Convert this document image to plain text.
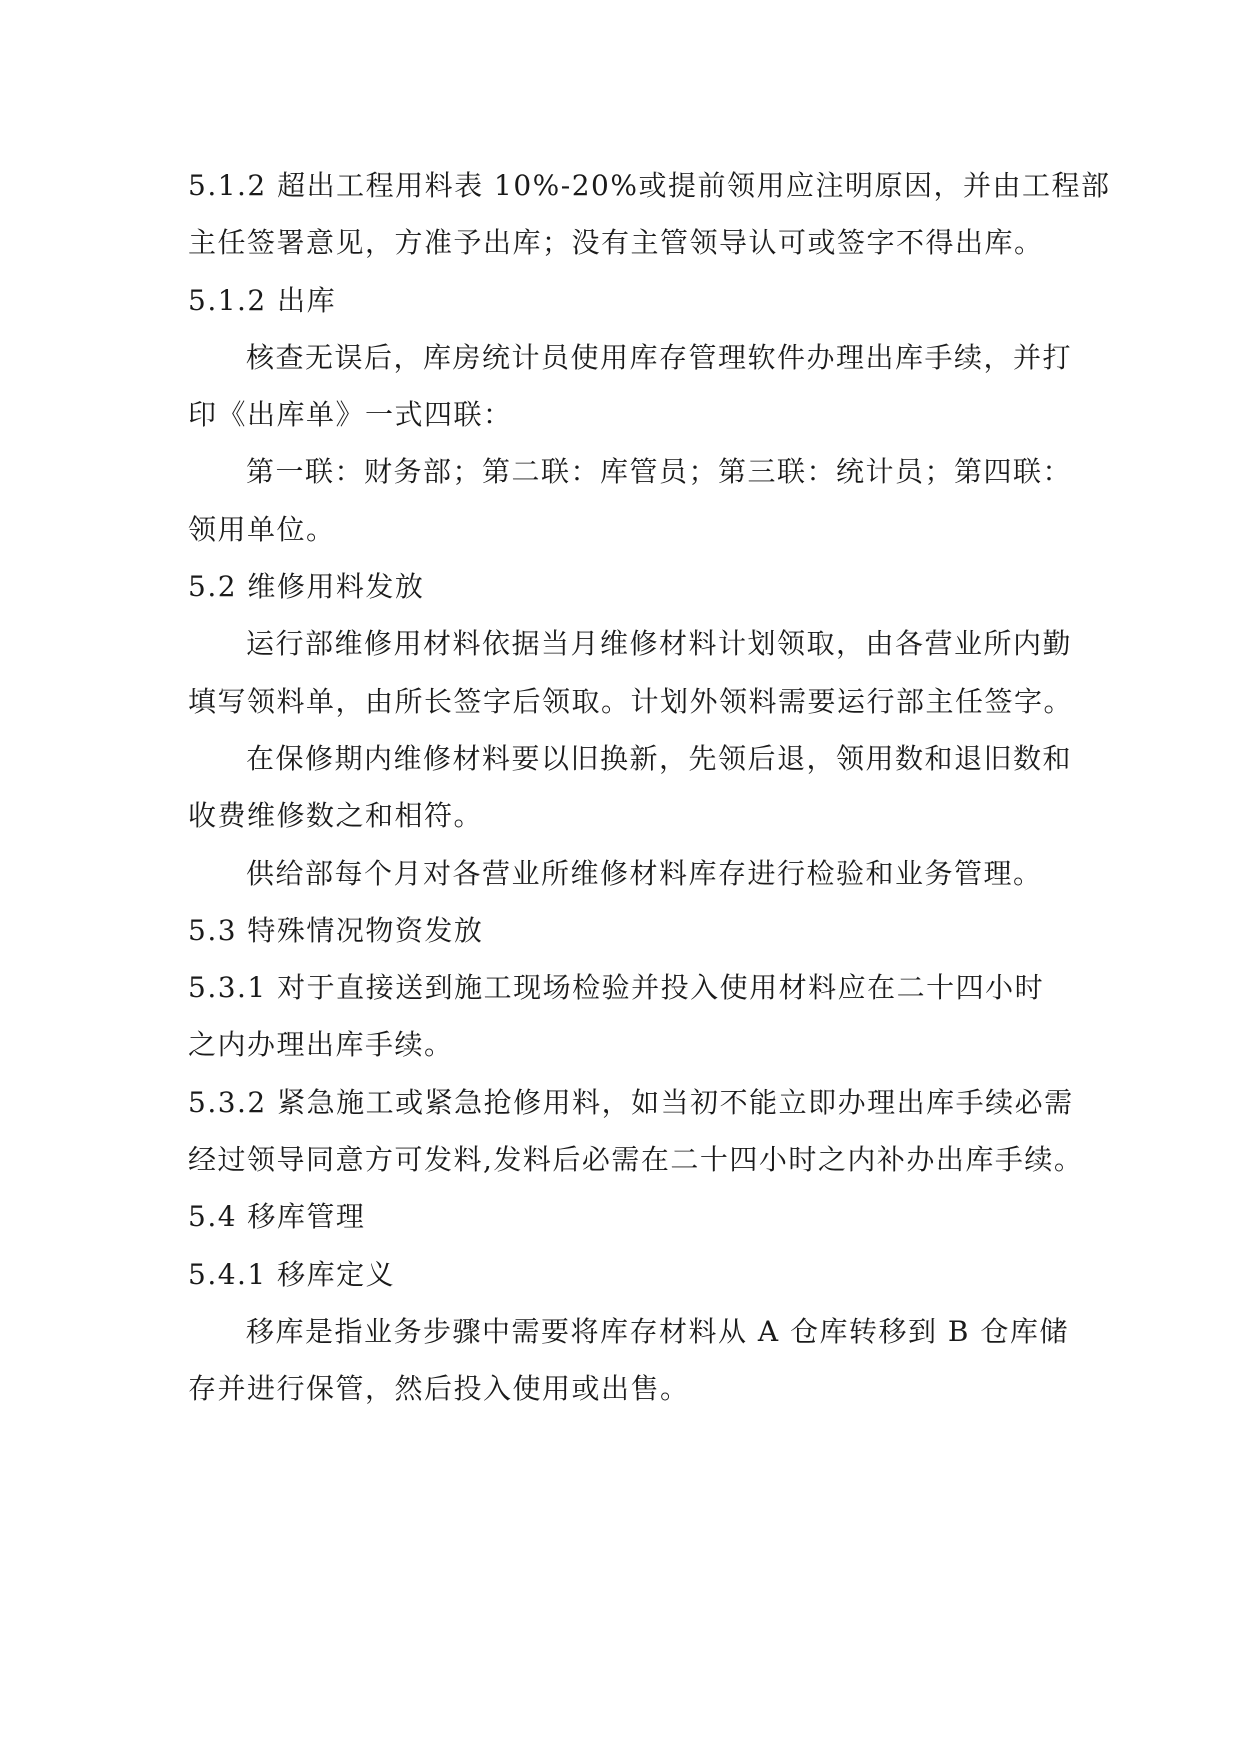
5.1.2 超出工程用料表 10%-20%或提前领用应注明原因，并由工程部

主任签署意见，方准予出库；没有主管领导认可或签字不得出库。

5.1.2 出库

核查无误后，库房统计员使用库存管理软件办理出库手续，并打

印《出库单》一式四联：

第一联：财务部；第二联：库管员；第三联：统计员；第四联：

领用单位。

5.2 维修用料发放

运行部维修用材料依据当月维修材料计划领取，由各营业所内勤

填写领料单，由所长签字后领取。计划外领料需要运行部主任签字。

在保修期内维修材料要以旧换新，先领后退，领用数和退旧数和

收费维修数之和相符。

供给部每个月对各营业所维修材料库存进行检验和业务管理。

5.3 特殊情况物资发放

5.3.1 对于直接送到施工现场检验并投入使用材料应在二十四小时

之内办理出库手续。

5.3.2 紧急施工或紧急抢修用料，如当初不能立即办理出库手续必需

经过领导同意方可发料,发料后必需在二十四小时之内补办出库手续。

5.4 移库管理

5.4.1 移库定义

移库是指业务步骤中需要将库存材料从 A 仓库转移到 B 仓库储

存并进行保管，然后投入使用或出售。
